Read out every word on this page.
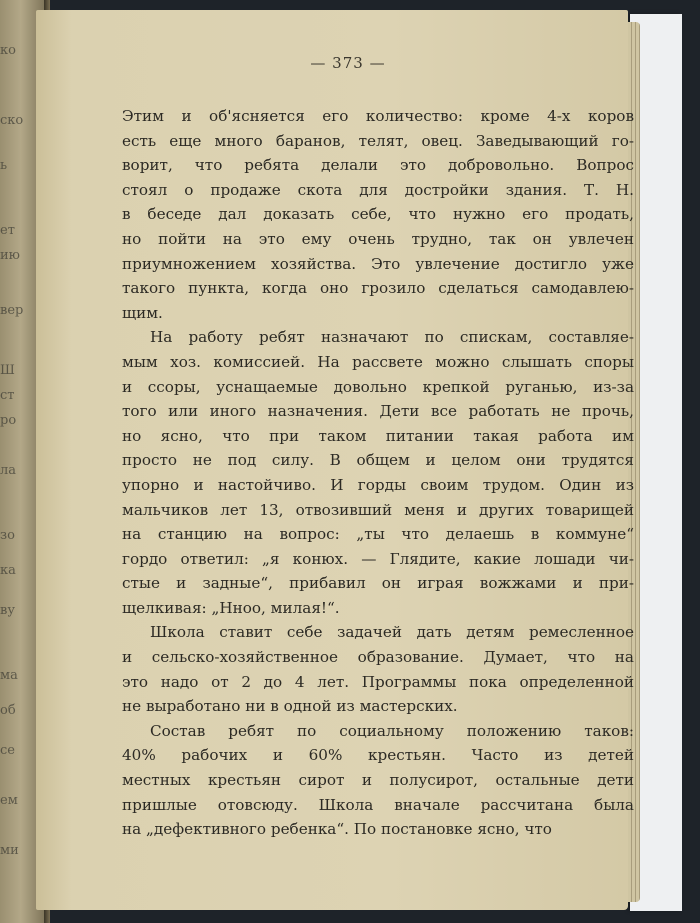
ко
ско
ь
ет
ию
вер
Ш
ст
ро
ла
зо
ка
ву
ма
об
се
ем
ми
— 373 —
Этим и об'ясняется его количество: кроме 4-х коров
есть еще много баранов, телят, овец. Заведывающий го-
ворит, что ребята делали это добровольно. Вопрос
стоял о продаже скота для достройки здания. Т. Н.
в беседе дал доказать себе, что нужно его продать,
но пойти на это ему очень трудно, так он увлечен
приумножением хозяйства. Это увлечение достигло уже
такого пункта, когда оно грозило сделаться самодавлею-
щим.
На работу ребят назначают по спискам, составляе-
мым хоз. комиссией. На рассвете можно слышать споры
и ссоры, уснащаемые довольно крепкой руганью, из-за
того или иного назначения. Дети все работать не прочь,
но ясно, что при таком питании такая работа им
просто не под силу. В общем и целом они трудятся
упорно и настойчиво. И горды своим трудом. Один из
мальчиков лет 13, отвозивший меня и других товарищей
на станцию на вопрос: „ты что делаешь в коммуне“
гордо ответил: „я конюх. — Глядите, какие лошади чи-
стые и задные“, прибавил он играя вожжами и при-
щелкивая: „Нноо, милая!“.
Школа ставит себе задачей дать детям ремесленное
и сельско-хозяйственное образование. Думает, что на
это надо от 2 до 4 лет. Программы пока определенной
не выработано ни в одной из мастерских.
Состав ребят по социальному положению таков:
40% рабочих и 60% крестьян. Часто из детей
местных крестьян сирот и полусирот, остальные дети
пришлые отовсюду. Школа вначале рассчитана была
на „дефективного ребенка“. По постановке ясно, что
